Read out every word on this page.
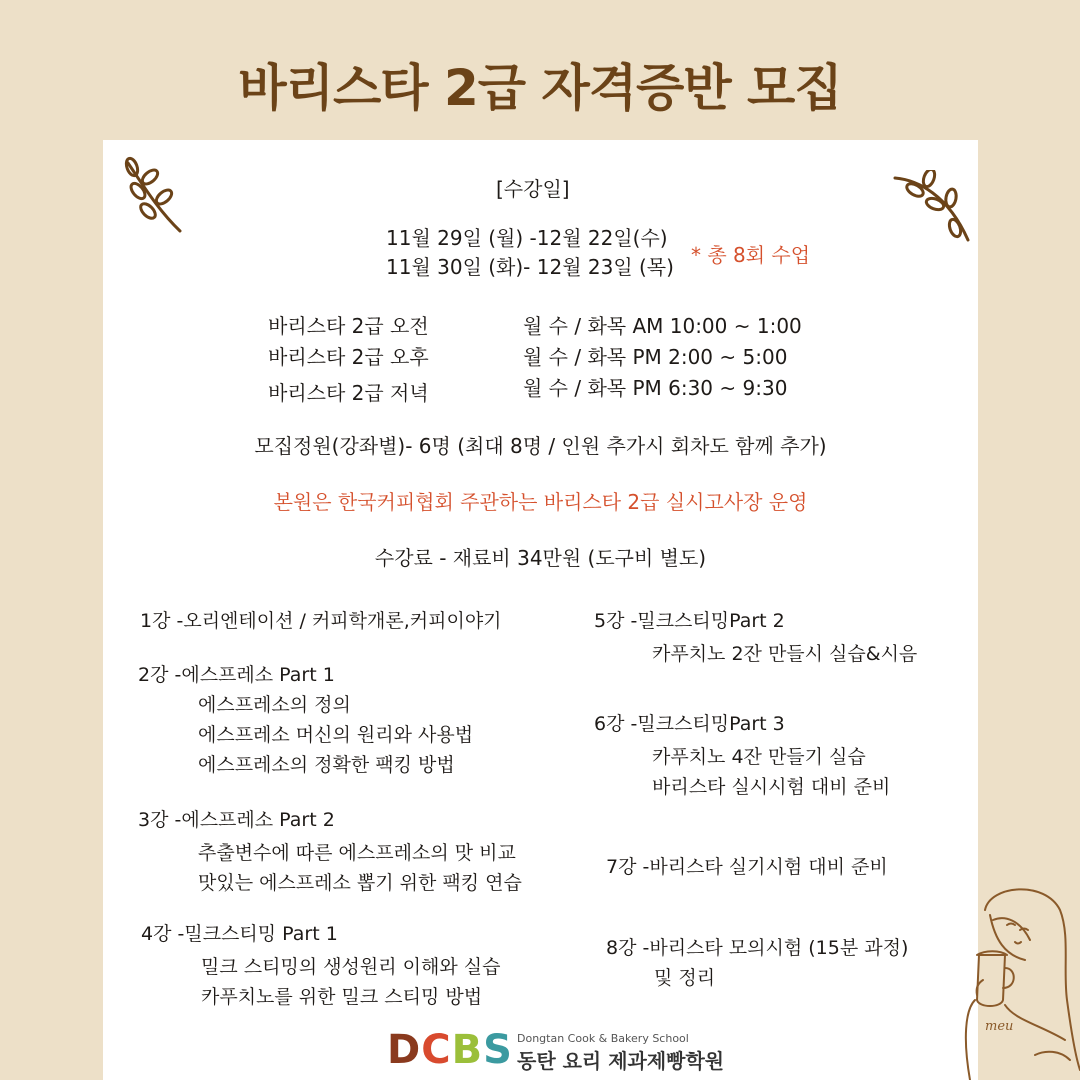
바리스타 2급 자격증반 모집
[수강일]
11월 29일 (월) -12월 22일(수)
11월 30일 (화)- 12월 23일 (목) * 총 8회 수업
바리스타 2급 오전	월 수 / 화목 AM 10:00 ~ 1:00
바리스타 2급 오후	월 수 / 화목 PM 2:00 ~ 5:00
바리스타 2급 저녁	월 수 / 화목 PM 6:30 ~ 9:30
모집정원(강좌별)- 6명 (최대 8명 / 인원 추가시 회차도 함께 추가)
본원은 한국커피협회 주관하는 바리스타 2급 실시고사장 운영
수강료 - 재료비 34만원 (도구비 별도)
1강 -오리엔테이션 / 커피학개론,커피이야기
2강 -에스프레소 Part 1
에스프레소의 정의
에스프레소 머신의 원리와 사용법
에스프레소의 정확한 팩킹 방법
3강 -에스프레소 Part 2
추출변수에 따른 에스프레소의 맛 비교
맛있는 에스프레소 뽑기 위한 팩킹 연습
4강 -밀크스티밍 Part 1
밀크 스티밍의 생성원리 이해와 실습
카푸치노를 위한 밀크 스티밍 방법
5강 -밀크스티밍Part 2
카푸치노 2잔 만들시 실습&시음
6강 -밀크스티밍Part 3
카푸치노 4잔 만들기 실습
바리스타 실시시험 대비 준비
7강 -바리스타 실기시험 대비 준비
8강 -바리스타 모의시험 (15분 과정)
및 정리
DCBS Dongtan Cook & Bakery School
동탄 요리 제과제빵학원
meu
